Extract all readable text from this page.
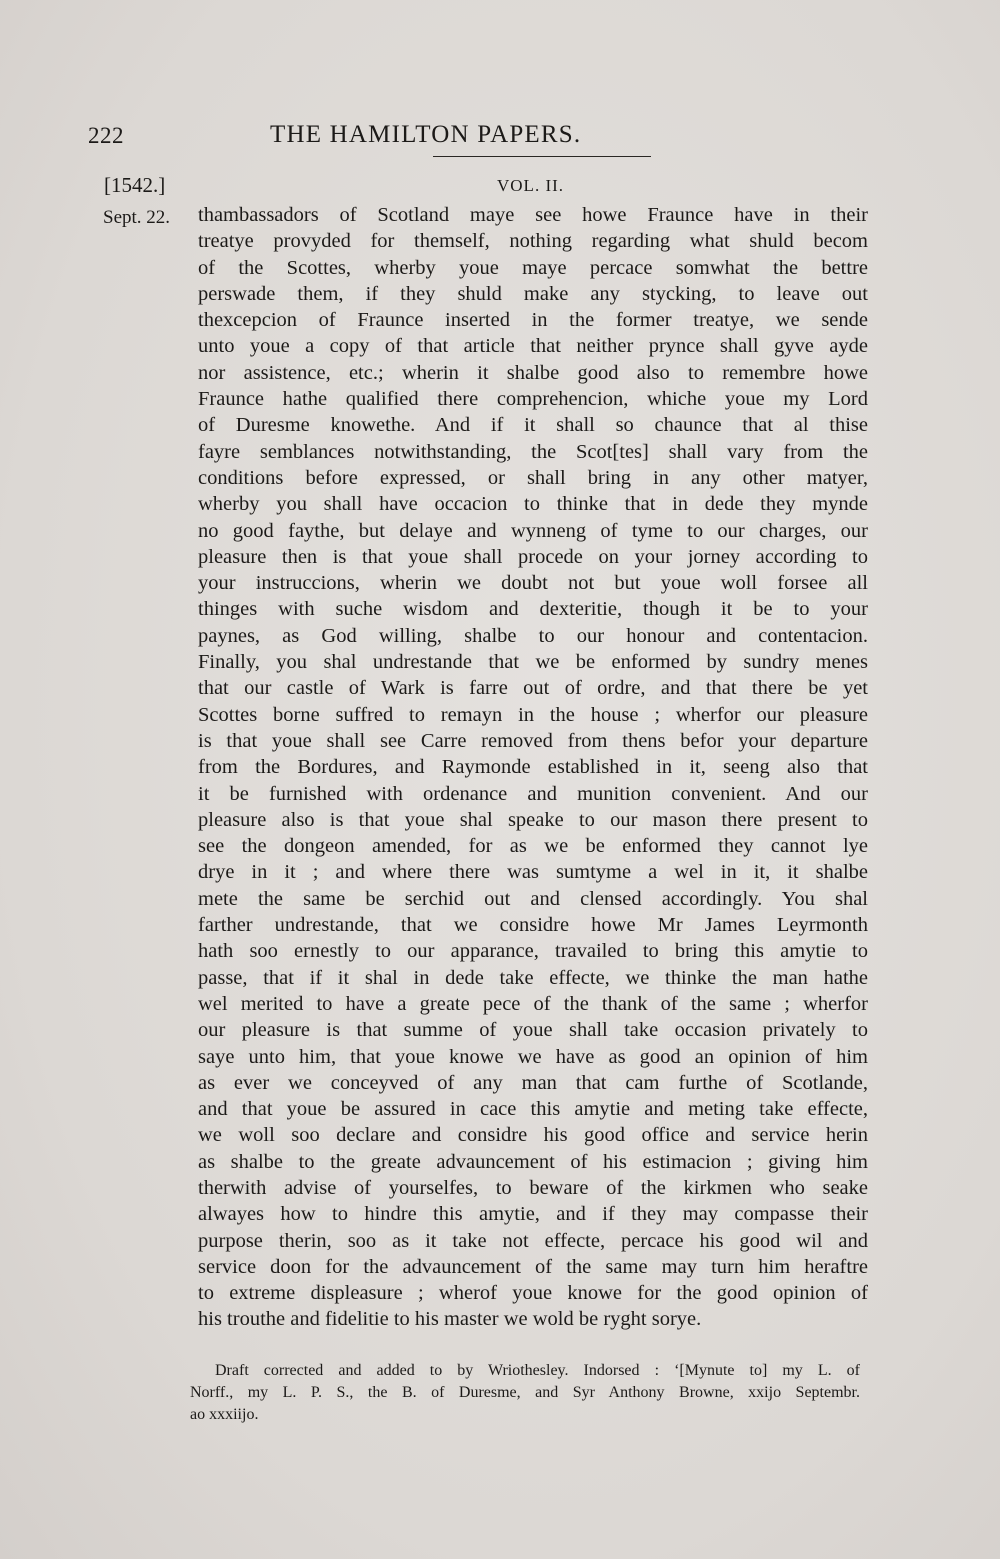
222	THE HAMILTON PAPERS.
[1542.]	VOL. II.
Sept. 22. thambassadors of Scotland maye see howe Fraunce have in their
treatye provyded for themself, nothing regarding what shuld becom
of the Scottes, wherby youe maye percace somwhat the bettre
perswade them, if they shuld make any stycking, to leave out
thexcepcion of Fraunce inserted in the former treatye, we sende
unto youe a copy of that article that neither prynce shall gyve ayde
nor assistence, etc.; wherin it shalbe good also to remembre howe
Fraunce hathe qualified there comprehencion, whiche youe my Lord
of Duresme knowethe. And if it shall so chaunce that al thise
fayre semblances notwithstanding, the Scot[tes] shall vary from the
conditions before expressed, or shall bring in any other matyer,
wherby you shall have occacion to thinke that in dede they mynde
no good faythe, but delaye and wynneng of tyme to our charges, our
pleasure then is that youe shall procede on your jorney according to
your instruccions, wherin we doubt not but youe woll forsee all
thinges with suche wisdom and dexteritie, though it be to your
paynes, as God willing, shalbe to our honour and contentacion.
Finally, you shal undrestande that we be enformed by sundry menes
that our castle of Wark is farre out of ordre, and that there be yet
Scottes borne suffred to remayn in the house ; wherfor our pleasure
is that youe shall see Carre removed from thens befor your departure
from the Bordures, and Raymonde established in it, seeng also that
it be furnished with ordenance and munition convenient. And our
pleasure also is that youe shal speake to our mason there present to
see the dongeon amended, for as we be enformed they cannot lye
drye in it ; and where there was sumtyme a wel in it, it shalbe
mete the same be serchid out and clensed accordingly. You shal
farther undrestande, that we considre howe Mr James Leyrmonth
hath soo ernestly to our apparance, travailed to bring this amytie to
passe, that if it shal in dede take effecte, we thinke the man hathe
wel merited to have a greate pece of the thank of the same ; wherfor
our pleasure is that summe of youe shall take occasion privately to
saye unto him, that youe knowe we have as good an opinion of him
as ever we conceyved of any man that cam furthe of Scotlande,
and that youe be assured in cace this amytie and meting take effecte,
we woll soo declare and considre his good office and service herin
as shalbe to the greate advauncement of his estimacion ; giving him
therwith advise of yourselfes, to beware of the kirkmen who seake
alwayes how to hindre this amytie, and if they may compasse their
purpose therin, soo as it take not effecte, percace his good wil and
service doon for the advauncement of the same may turn him heraftre
to extreme displeasure ; wherof youe knowe for the good opinion of
his trouthe and fidelitie to his master we wold be ryght sorye.
Draft corrected and added to by Wriothesley. Indorsed : ‘[Mynute to] my L. of
Norff., my L. P. S., the B. of Duresme, and Syr Anthony Browne, xxijo Septembr.
ao xxxiijo.
